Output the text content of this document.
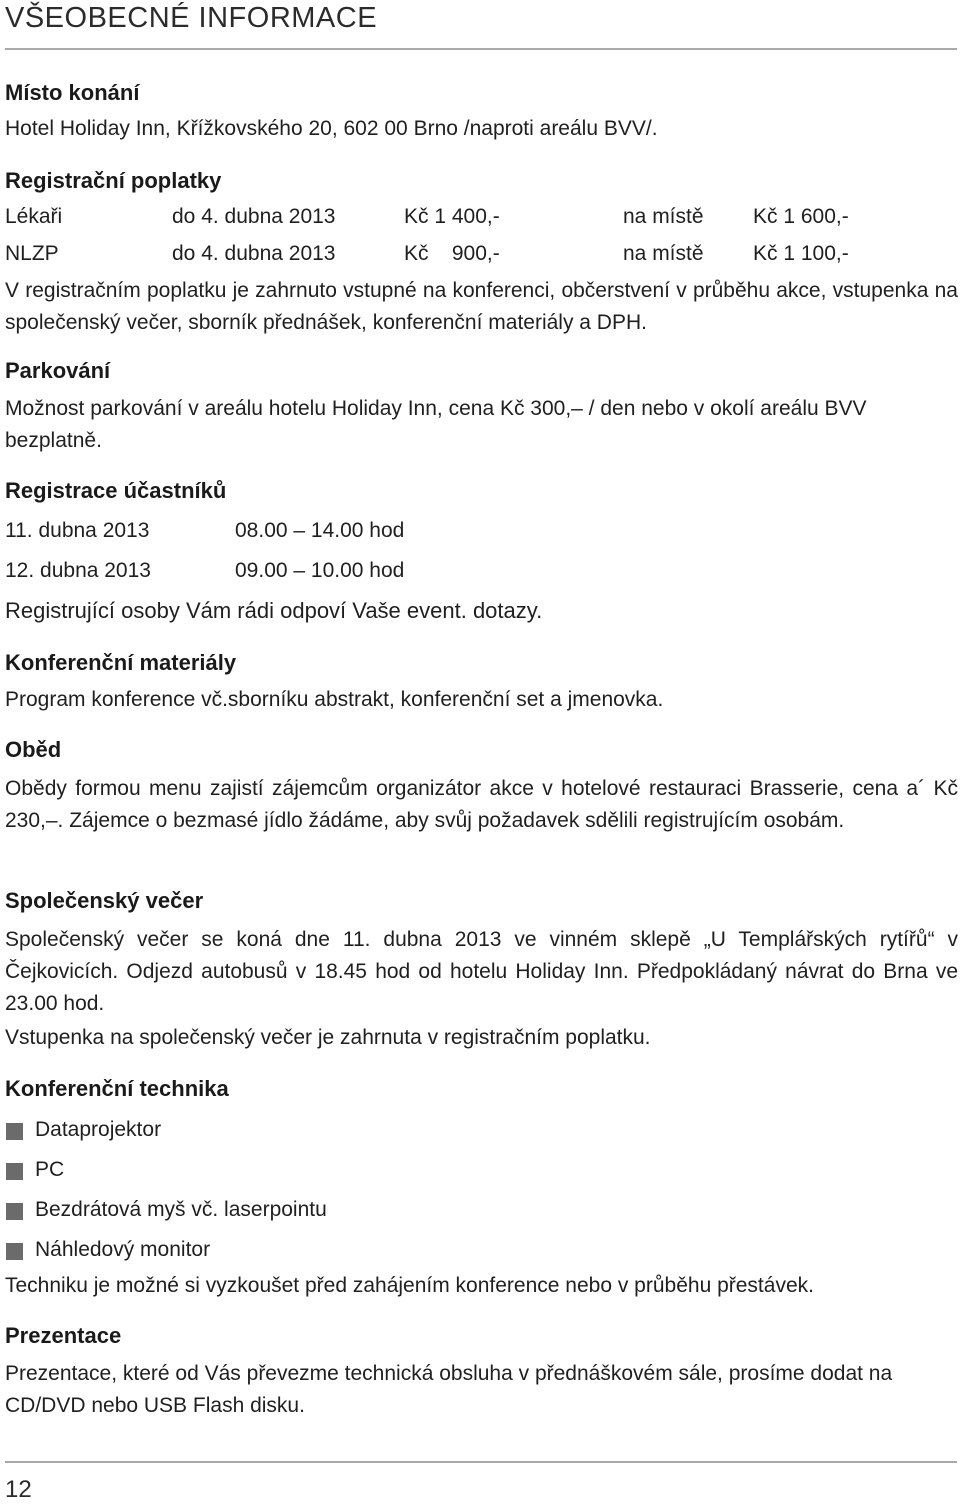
VŠEOBECNÉ INFORMACE
Místo konání
Hotel Holiday Inn, Křížkovského 20, 602 00 Brno /naproti areálu BVV/.
Registrační poplatky
Lékaři	do 4. dubna 2013	Kč 1 400,-	na místě Kč 1 600,-
NLZP	do 4. dubna 2013	Kč    900,-	na místě Kč 1 100,-
V registračním poplatku je zahrnuto vstupné na konferenci, občerstvení v průběhu akce, vstupenka na společenský večer, sborník přednášek, konferenční materiály a DPH.
Parkování
Možnost parkování v areálu hotelu Holiday Inn, cena Kč 300,– / den nebo v okolí areálu BVV bezplatně.
Registrace účastníků
11. dubna 2013	08.00 – 14.00 hod
12. dubna 2013	09.00 – 10.00 hod
Registrující osoby Vám rádi odpoví Vaše event. dotazy.
Konferenční materiály
Program konference vč.sborníku abstrakt, konferenční set a jmenovka.
Oběd
Obědy formou menu zajistí zájemcům organizátor akce v hotelové restauraci Brasserie, cena a´ Kč 230,–. Zájemce o bezmasé jídlo žádáme, aby svůj požadavek sdělili registrujícím osobám.
Společenský večer
Společenský večer se koná dne 11. dubna 2013 ve vinném sklepě „U Templářských rytířů“ v Čejkovicích. Odjezd autobusů v 18.45 hod od hotelu Holiday Inn. Předpokládaný návrat do Brna ve 23.00 hod.
Vstupenka na společenský večer je zahrnuta v registračním poplatku.
Konferenční technika
Dataprojektor
PC
Bezdrátová myš vč. laserpointu
Náhledový monitor
Techniku je možné si vyzkoušet před zahájením konference nebo v průběhu přestávek.
Prezentace
Prezentace, které od Vás převezme technická obsluha v přednáškovém sále, prosíme dodat na CD/DVD nebo USB Flash disku.
12
